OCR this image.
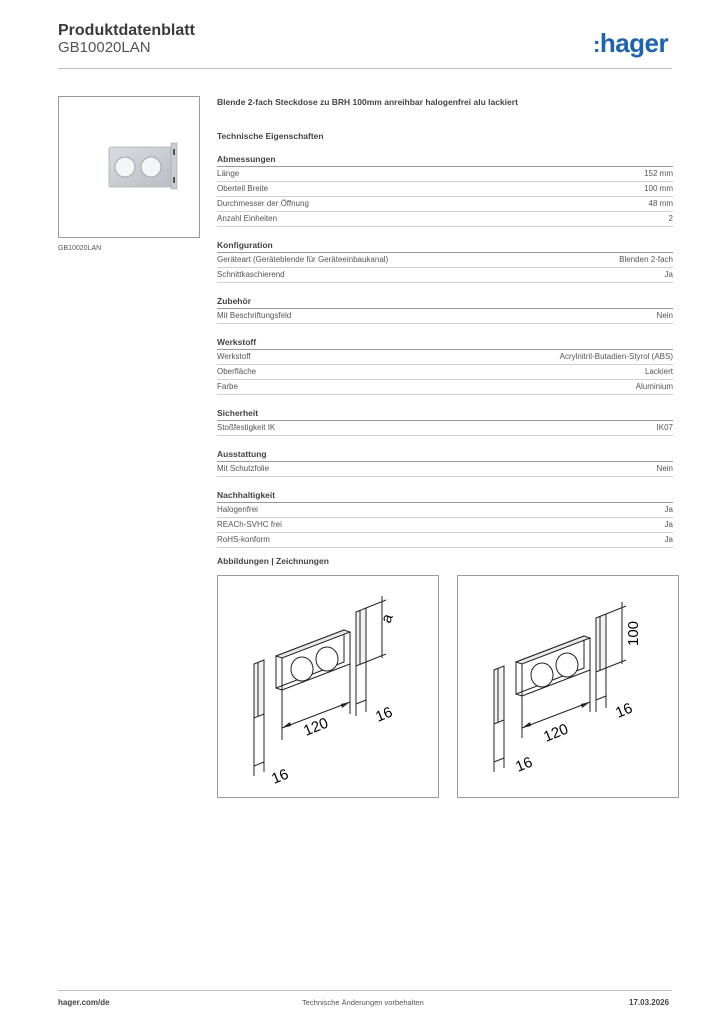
Produktdatenblatt
GB10020LAN	:hager
GB10020LAN
Blende 2-fach Steckdose zu BRH 100mm anreihbar halogenfrei alu lackiert
Technische Eigenschaften
Abmessungen
Länge	152 mm
Oberteil Breite	100 mm
Durchmesser der Öffnung	48 mm
Anzahl Einheiten	2
Konfiguration
Geräteart (Geräteblende für Geräteeinbaukanal)	Blenden 2-fach
Schnittkaschierend	Ja
Zubehör
Mit Beschriftungsfeld	Nein
Werkstoff
Werkstoff	Acrylnitril-Butadien-Styrol (ABS)
Oberfläche	Lackiert
Farbe	Aluminium
Sicherheit
Stoßfestigkeit IK	IK07
Ausstattung
Mit Schutzfolie	Nein
Nachhaltigkeit
Halogenfrei	Ja
REACh-SVHC frei	Ja
RoHS-konform	Ja
Abbildungen | Zeichnungen
a
120	16
16
100
120
16
16
hager.com/de	Technische Änderungen vorbehalten	17.03.2026
